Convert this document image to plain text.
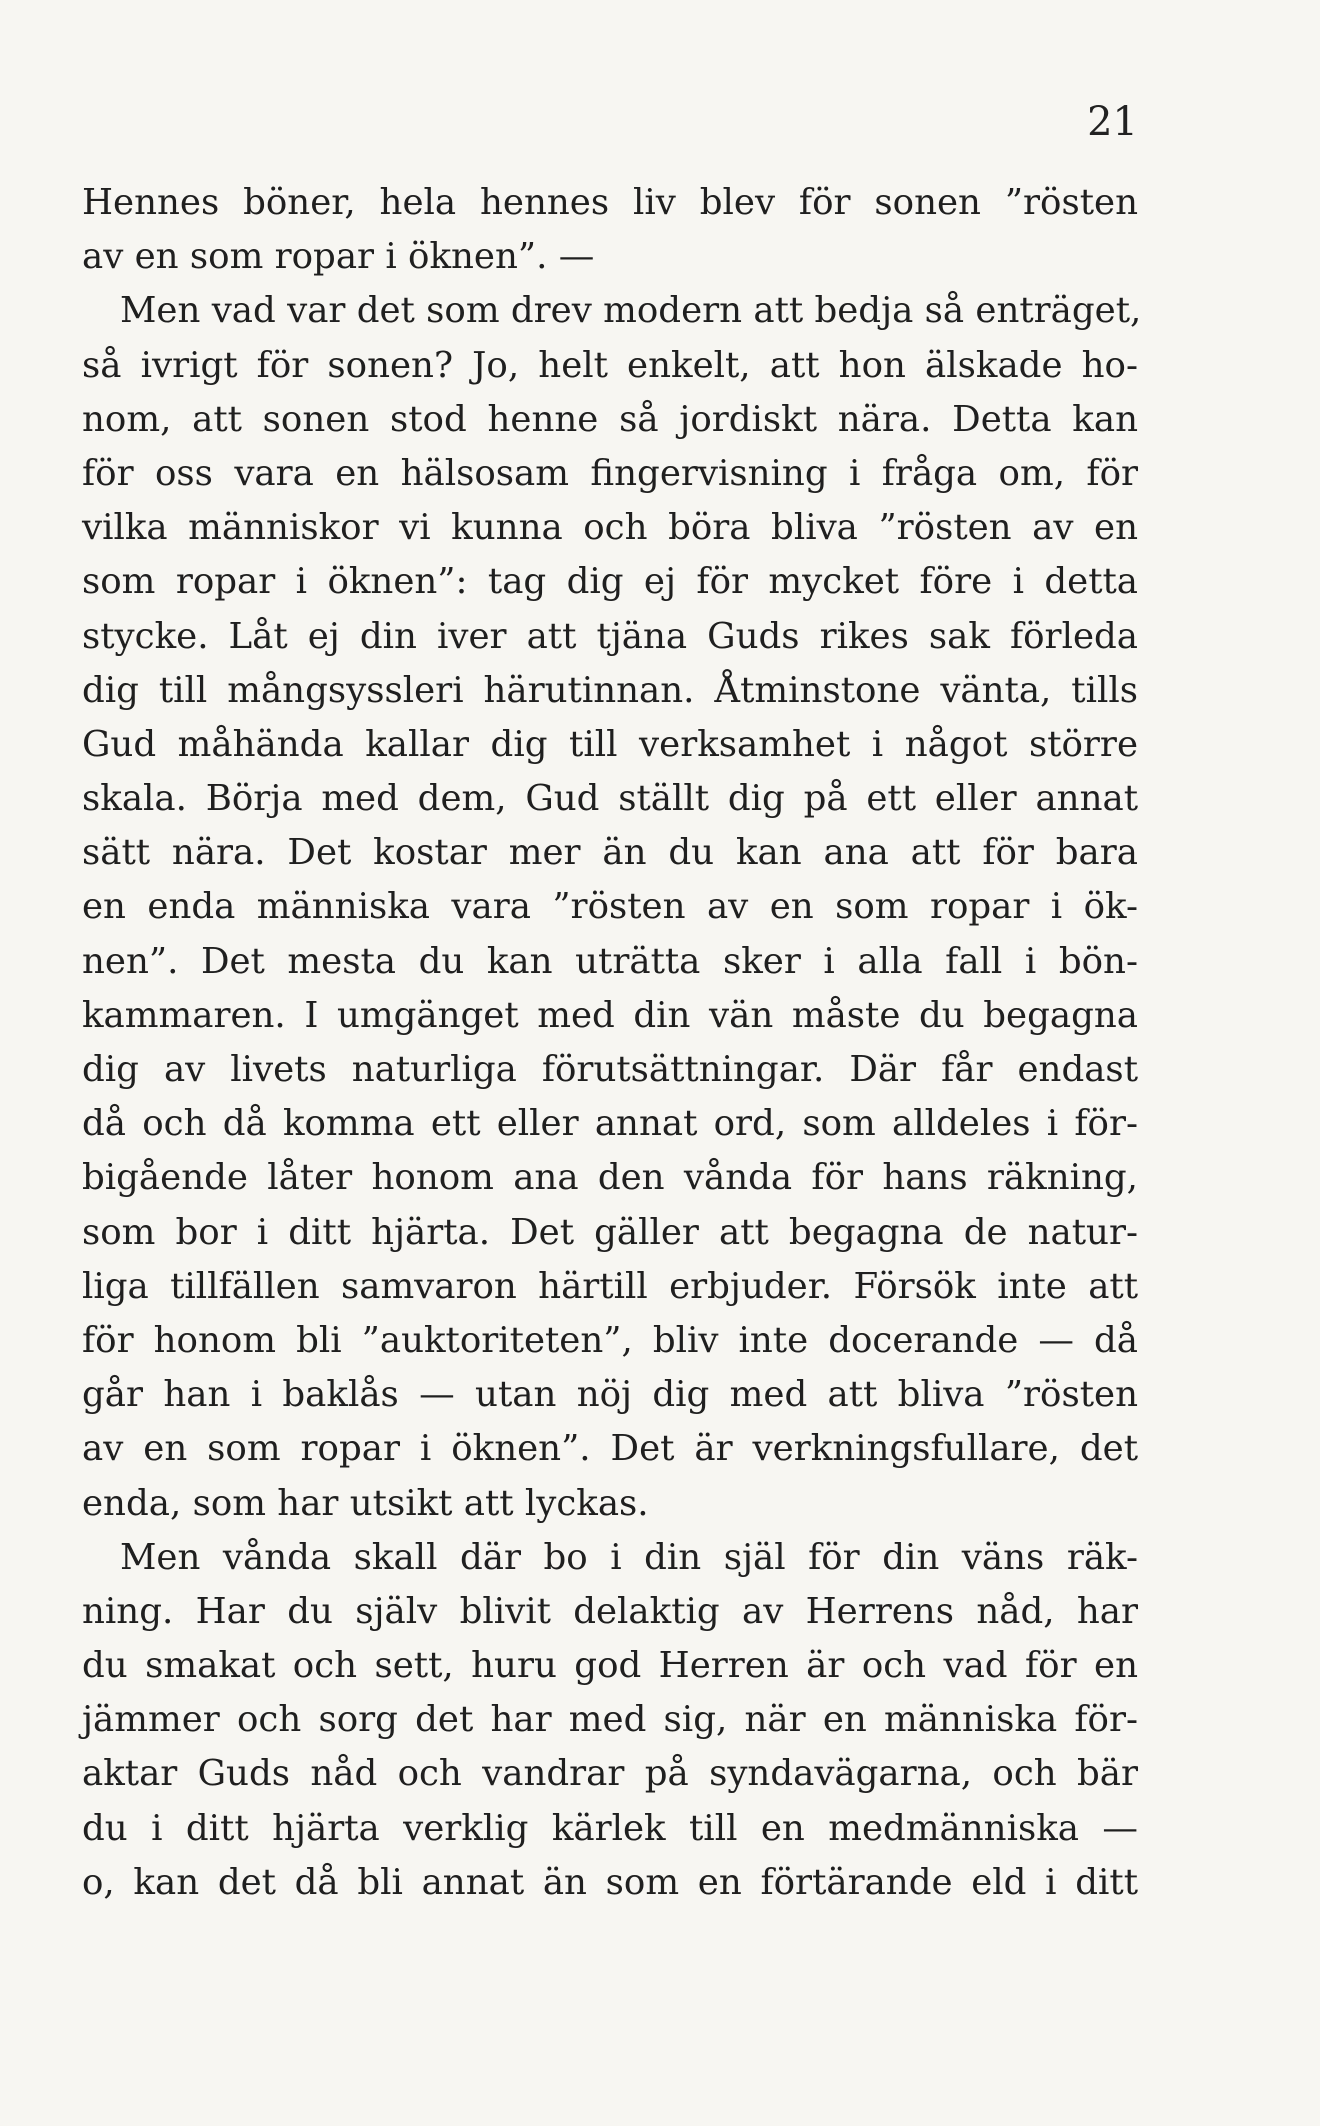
21
Hennes böner, hela hennes liv blev för sonen ”rösten
av en som ropar i öknen”. —
Men vad var det som drev modern att bedja så enträget,
så ivrigt för sonen? Jo, helt enkelt, att hon älskade ho-
nom, att sonen stod henne så jordiskt nära. Detta kan
för oss vara en hälsosam fingervisning i fråga om, för
vilka människor vi kunna och böra bliva ”rösten av en
som ropar i öknen”: tag dig ej för mycket före i detta
stycke. Låt ej din iver att tjäna Guds rikes sak förleda
dig till mångsyssleri härutinnan. Åtminstone vänta, tills
Gud måhända kallar dig till verksamhet i något större
skala. Börja med dem, Gud ställt dig på ett eller annat
sätt nära. Det kostar mer än du kan ana att för bara
en enda människa vara ”rösten av en som ropar i ök-
nen”. Det mesta du kan uträtta sker i alla fall i bön-
kammaren. I umgänget med din vän måste du begagna
dig av livets naturliga förutsättningar. Där får endast
då och då komma ett eller annat ord, som alldeles i för-
bigående låter honom ana den vånda för hans räkning,
som bor i ditt hjärta. Det gäller att begagna de natur-
liga tillfällen samvaron härtill erbjuder. Försök inte att
för honom bli ”auktoriteten”, bliv inte docerande — då
går han i baklås — utan nöj dig med att bliva ”rösten
av en som ropar i öknen”. Det är verkningsfullare, det
enda, som har utsikt att lyckas.
Men vånda skall där bo i din själ för din väns räk-
ning. Har du själv blivit delaktig av Herrens nåd, har
du smakat och sett, huru god Herren är och vad för en
jämmer och sorg det har med sig, när en människa för-
aktar Guds nåd och vandrar på syndavägarna, och bär
du i ditt hjärta verklig kärlek till en medmänniska —
o, kan det då bli annat än som en förtärande eld i ditt
